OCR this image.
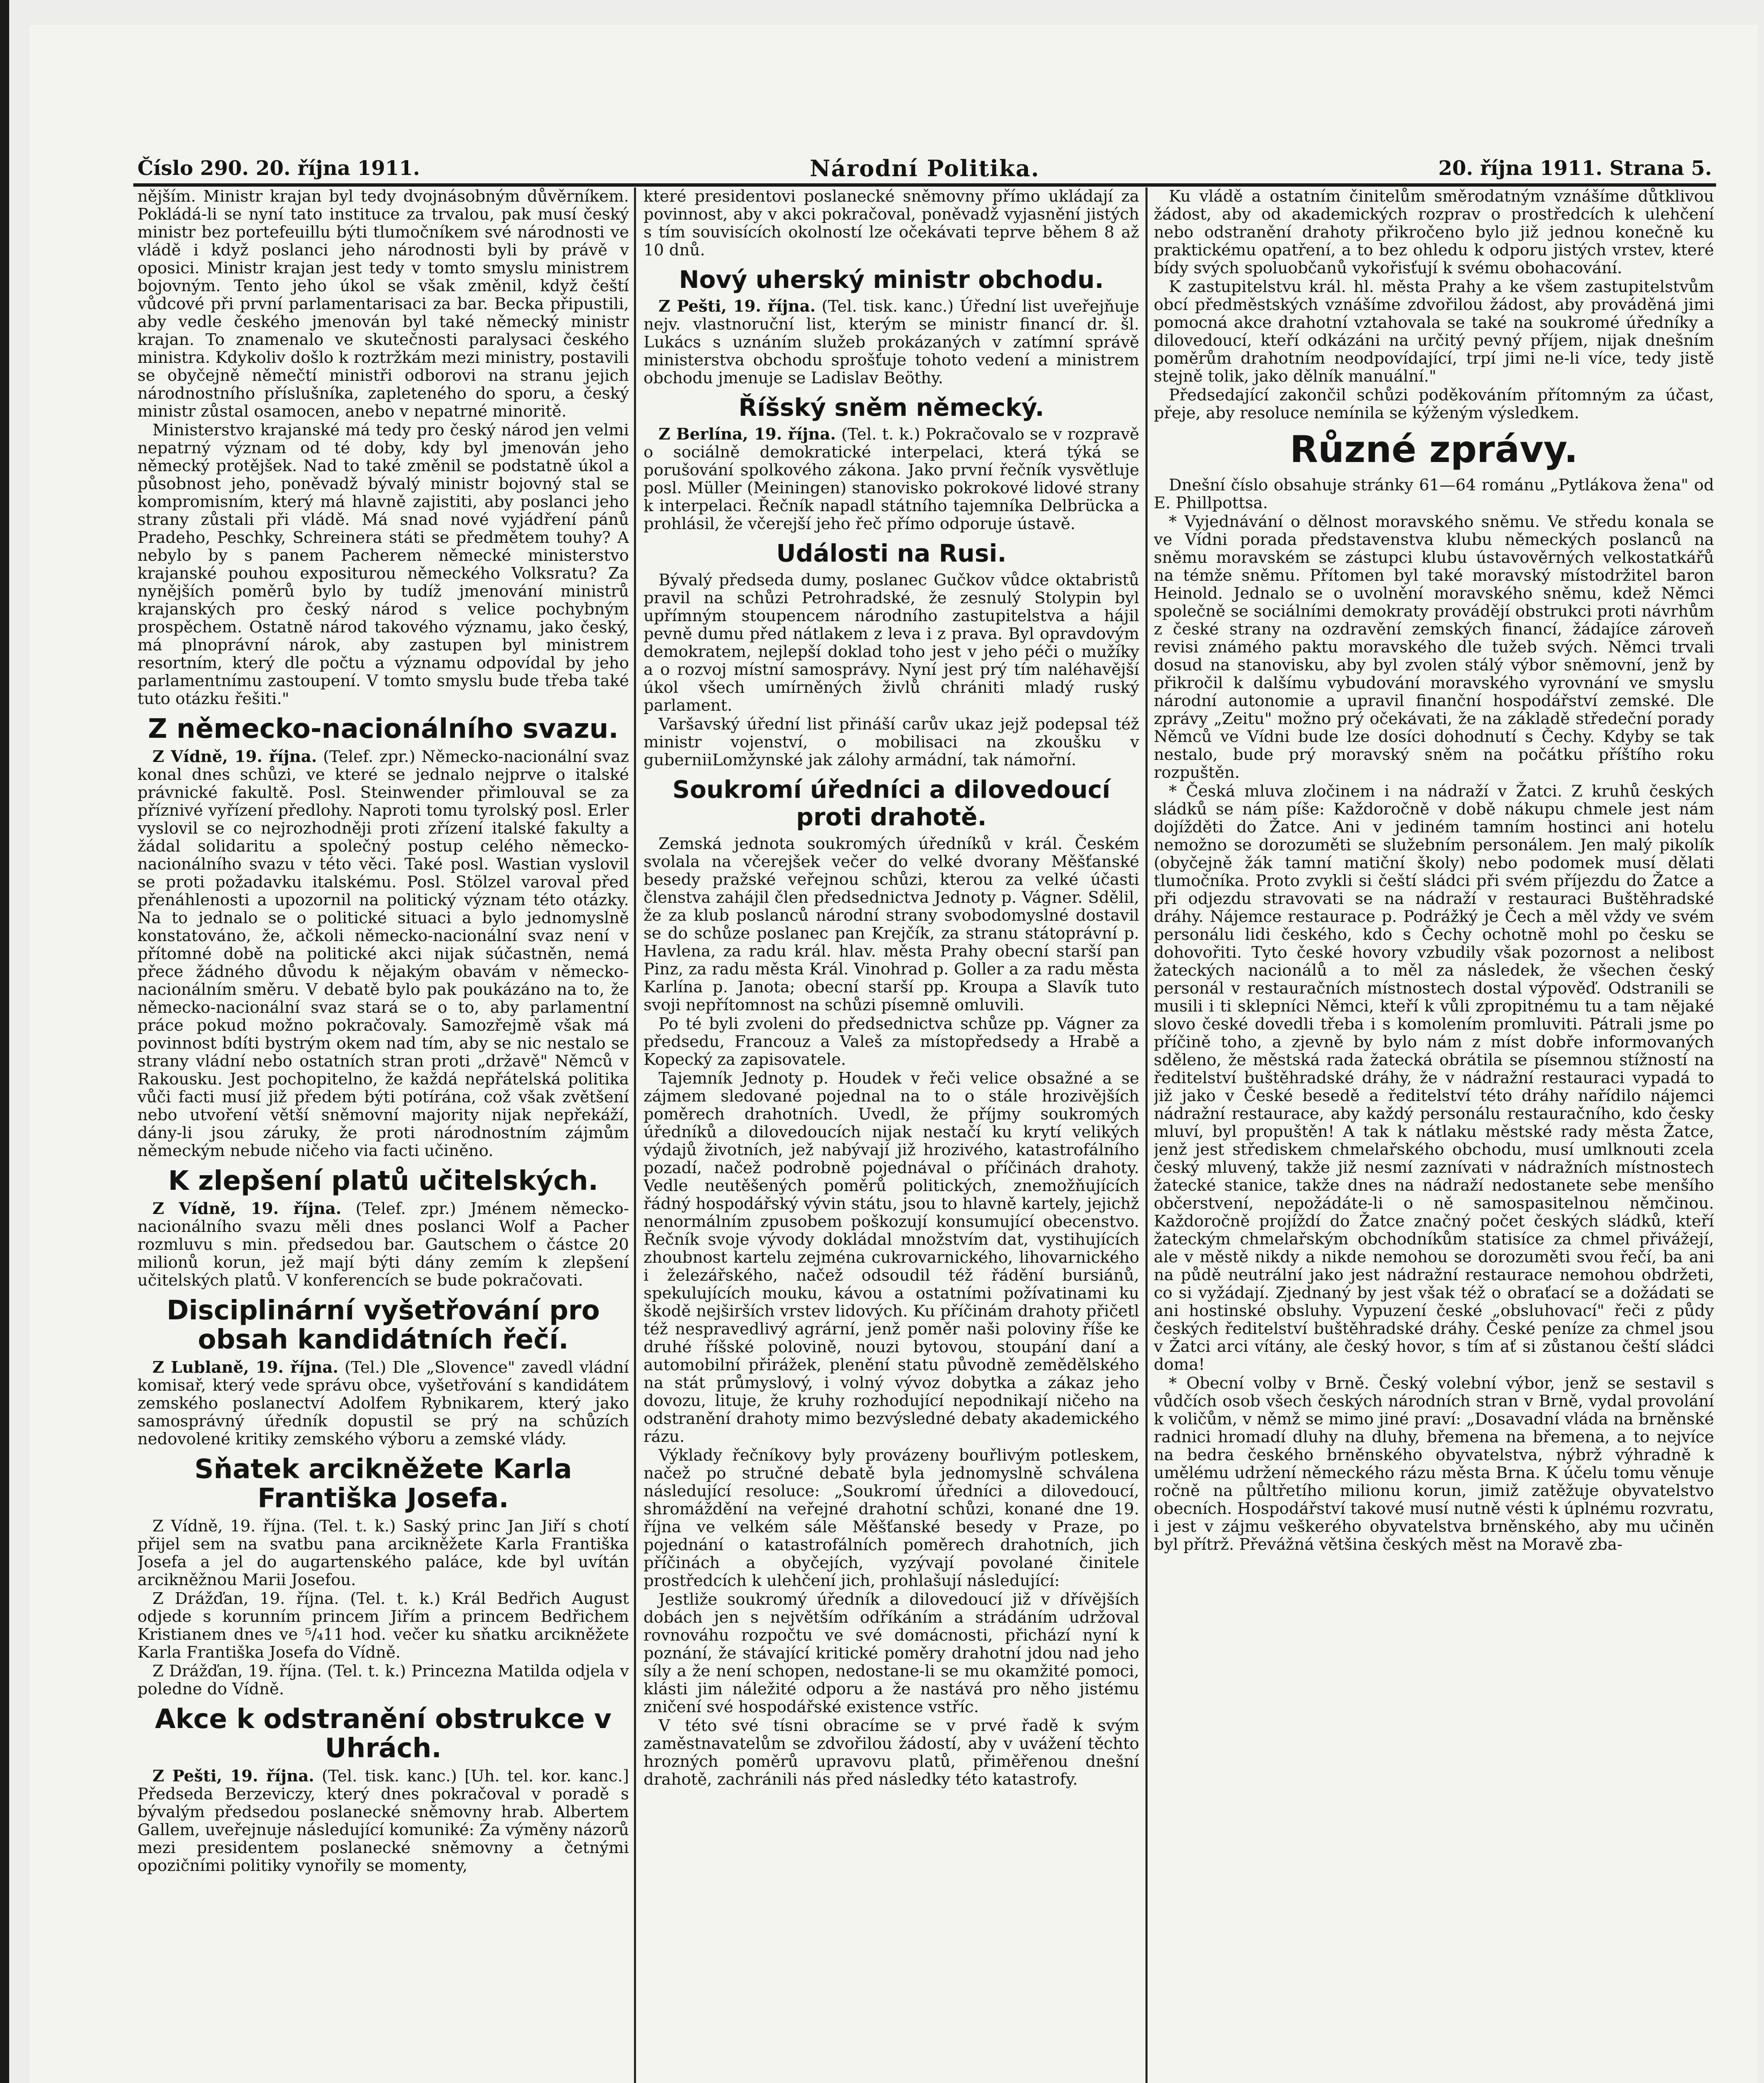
Číslo 290. 20. října 1911.	Národní Politika.	20. října 1911. Strana 5.

nějším. Ministr krajan byl tedy dvojnásobným důvěrníkem. Pokládá-li se nyní tato instituce za trvalou, pak musí český ministr bez portefeuillu býti tlumočníkem své národnosti ve vládě i když poslanci jeho národnosti byli by právě v oposici. Ministr krajan jest tedy v tomto smyslu ministrem bojovným. Tento jeho úkol se však změnil, když čeští vůdcové při první parlamentarisaci za bar. Becka připustili, aby vedle českého jmenován byl také německý ministr krajan. To znamenalo ve skutečnosti paralysaci českého ministra. Kdykoliv došlo k roztržkám mezi ministry, postavili se obyčejně němečtí ministři odborovi na stranu jejich národnostního příslušníka, zapleteného do sporu, a český ministr zůstal osamocen, anebo v nepatrné minoritě.

Ministerstvo krajanské má tedy pro český národ jen velmi nepatrný význam od té doby, kdy byl jmenován jeho německý protějšek. Nad to také změnil se podstatně úkol a působnost jeho, poněvadž bývalý ministr bojovný stal se kompromisním, který má hlavně zajistiti, aby poslanci jeho strany zůstali při vládě. Má snad nové vyjádření pánů Pradeho, Peschky, Schreinera státi se předmětem touhy? A nebylo by s panem Pacherem německé ministerstvo krajanské pouhou expositurou německého Volksratu? Za nynějších poměrů bylo by tudíž jmenování ministrů krajanských pro český národ s velice pochybným prospěchem. Ostatně národ takového významu, jako český, má plnoprávní nárok, aby zastupen byl ministrem resortním, který dle počtu a významu odpovídal by jeho parlamentnímu zastoupení. V tomto smyslu bude třeba také tuto otázku řešiti."

Z německo-nacionálního svazu.

Z Vídně, 19. října. (Telef. zpr.) Německo-nacionální svaz konal dnes schůzi, ve které se jednalo nejprve o italské právnické fakultě. Posl. Steinwender přimlouval se za příznivé vyřízení předlohy. Naproti tomu tyrolský posl. Erler vyslovil se co nejrozhodněji proti zřízení italské fakulty a žádal solidaritu a společný postup celého německo-nacionálního svazu v této věci. Také posl. Wastian vyslovil se proti požadavku italskému. Posl. Stölzel varoval před přenáhlenosti a upozornil na politický význam této otázky. Na to jednalo se o politické situaci a bylo jednomyslně konstatováno, že, ačkoli německo-nacionální svaz není v přítomné době na politické akci nijak súčastněn, nemá přece žádného důvodu k nějakým obavám v německo-nacionálním směru. V debatě bylo pak poukázáno na to, že německo-nacionální svaz stará se o to, aby parlamentní práce pokud možno pokračovaly. Samozřejmě však má povinnost bdíti bystrým okem nad tím, aby se nic nestalo se strany vládní nebo ostatních stran proti „državě" Němců v Rakousku. Jest pochopitelno, že každá nepřátelská politika vůči facti musí již předem býti potírána, což však zvětšení nebo utvoření větší sněmovní majority nijak nepřekáží, dány-li jsou záruky, že proti národnostním zájmům německým nebude ničeho via facti učiněno.

K zlepšení platů učitelských.

Z Vídně, 19. října. (Telef. zpr.) Jménem německo-nacionálního svazu měli dnes poslanci Wolf a Pacher rozmluvu s min. předsedou bar. Gautschem o částce 20 milionů korun, jež mají býti dány zemím k zlepšení učitelských platů. V konferencích se bude pokračovati.

Disciplinární vyšetřování pro obsah kandidátních řečí.

Z Lublaně, 19. října. (Tel.) Dle „Slovence" zavedl vládní komisař, který vede správu obce, vyšetřování s kandidátem zemského poslanectví Adolfem Rybnikarem, který jako samosprávný úředník dopustil se prý na schůzích nedovolené kritiky zemského výboru a zemské vlády.

Sňatek arcikněžete Karla Františka Josefa.

Z Vídně, 19. října. (Tel. t. k.) Saský princ Jan Jiří s chotí přijel sem na svatbu pana arcikněžete Karla Františka Josefa a jel do augartenského paláce, kde byl uvítán arcikněžnou Marii Josefou.

Z Drážďan, 19. října. (Tel. t. k.) Král Bedřich August odjede s korunním princem Jiřím a princem Bedřichem Kristianem dnes ve ⁵/₄11 hod. večer ku sňatku arcikněžete Karla Františka Josefa do Vídně.

Z Drážďan, 19. října. (Tel. t. k.) Princezna Matilda odjela v poledne do Vídně.

Akce k odstranění obstrukce v Uhrách.

Z Pešti, 19. října. (Tel. tisk. kanc.) [Uh. tel. kor. kanc.] Předseda Berzeviczy, který dnes pokračoval v poradě s bývalým předsedou poslanecké sněmovny hrab. Albertem Gallem, uveřejnuje následující komuniké: Za výměny názorů mezi presidentem poslanecké sněmovny a četnými opozičními politiky vynořily se momenty,

které presidentovi poslanecké sněmovny přímo ukládají za povinnost, aby v akci pokračoval, poněvadž vyjasnění jistých s tím souvisících okolností lze očekávati teprve během 8 až 10 dnů.

Nový uherský ministr obchodu.

Z Pešti, 19. října. (Tel. tisk. kanc.) Úřední list uveřejňuje nejv. vlastnoruční list, kterým se ministr financí dr. šl. Lukács s uznáním služeb prokázaných v zatímní správě ministerstva obchodu sprošťuje tohoto vedení a ministrem obchodu jmenuje se Ladislav Beöthy.

Říšský sněm německý.

Z Berlína, 19. října. (Tel. t. k.) Pokračovalo se v rozpravě o sociálně demokratické interpelaci, která týká se porušování spolkového zákona. Jako první řečník vysvětluje posl. Müller (Meiningen) stanovisko pokrokové lidové strany k interpelaci. Řečník napadl státního tajemníka Delbrücka a prohlásil, že včerejší jeho řeč přímo odporuje ústavě.

Události na Rusi.

Bývalý předseda dumy, poslanec Gučkov vůdce oktabristů pravil na schůzi Petrohradské, že zesnulý Stolypin byl upřímným stoupencem národního zastupitelstva a hájil pevně dumu před nátlakem z leva i z prava. Byl opravdovým demokratem, nejlepší doklad toho jest v jeho péči o mužíky a o rozvoj místní samosprávy. Nyní jest prý tím naléhavější úkol všech umírněných živlů chrániti mladý ruský parlament.

Varšavský úřední list přináší carův ukaz jejž podepsal též ministr vojenství, o mobilisaci na zkoušku v guberniiLomžynské jak zálohy armádní, tak námořní.

Soukromí úředníci a dilovedoucí proti drahotě.

Zemská jednota soukromých úředníků v král. Českém svolala na včerejšek večer do velké dvorany Měšťanské besedy pražské veřejnou schůzi, kterou za velké účasti členstva zahájil člen předsednictva Jednoty p. Vágner. Sdělil, že za klub poslanců národní strany svobodomyslné dostavil se do schůze poslanec pan Krejčík, za stranu státoprávní p. Havlena, za radu král. hlav. města Prahy obecní starší pan Pinz, za radu města Král. Vinohrad p. Goller a za radu města Karlína p. Janota; obecní starší pp. Kroupa a Slavík tuto svoji nepřítomnost na schůzi písemně omluvili.

Po té byli zvoleni do předsednictva schůze pp. Vágner za předsedu, Francouz a Valeš za místopředsedy a Hrabě a Kopecký za zapisovatele.

Tajemník Jednoty p. Houdek v řeči velice obsažné a se zájmem sledované pojednal na to o stále hrozivějších poměrech drahotních. Uvedl, že příjmy soukromých úředníků a dilovedoucích nijak nestačí ku krytí velikých výdajů životních, jež nabývají již hrozivého, katastrofálního pozadí, načež podrobně pojednával o příčinách drahoty. Vedle neutěšených poměrů politických, znemožňujících řádný hospodářský vývin státu, jsou to hlavně kartely, jejichž nenormálním zpusobem poškozují konsumující obecenstvo. Řečník svoje vývody dokládal množstvím dat, vystihujících zhoubnost kartelu zejména cukrovarnického, lihovarnického i železářského, načež odsoudil též řádění bursiánů, spekulujících mouku, kávou a ostatními požívatinami ku škodě nejširších vrstev lidových. Ku příčinám drahoty přičetl též nespravedlivý agrární, jenž poměr naši poloviny říše ke druhé říšské polovině, nouzi bytovou, stoupání daní a automobilní přirážek, plenění statu původně zemědělského na stát průmyslový, i volný vývoz dobytka a zákaz jeho dovozu, lituje, že kruhy rozhodující nepodnikají ničeho na odstranění drahoty mimo bezvýsledné debaty akademického rázu.

Výklady řečníkovy byly provázeny bouřlivým potleskem, načež po stručné debatě byla jednomyslně schválena následující resoluce: „Soukromí úředníci a dilovedoucí, shromáždění na veřejné drahotní schůzi, konané dne 19. října ve velkém sále Měšťanské besedy v Praze, po pojednání o katastrofálních poměrech drahotních, jich příčinách a obyčejích, vyzývají povolané činitele prostředcích k ulehčení jich, prohlašují následující:

Jestliže soukromý úředník a dilovedoucí již v dřívějších dobách jen s největším odříkáním a strádáním udržoval rovnováhu rozpočtu ve své domácnosti, přichází nyní k poznání, že stávající kritické poměry drahotní jdou nad jeho síly a že není schopen, nedostane-li se mu okamžité pomoci, klásti jim náležité odporu a že nastává pro něho jistému zničení své hospodářské existence vstříc.

V této své tísni obracíme se v prvé řadě k svým zaměstnavatelům se zdvořilou žádostí, aby v uvážení těchto hrozných poměrů upravovu platů, přiměřenou dnešní drahotě, zachránili nás před následky této katastrofy.

Ku vládě a ostatním činitelům směrodatným vznášíme důtklivou žádost, aby od akademických rozprav o prostředcích k ulehčení nebo odstranění drahoty přikročeno bylo již jednou konečně ku praktickému opatření, a to bez ohledu k odporu jistých vrstev, které bídy svých spoluobčanů vykořisťují k svému obohacování.

K zastupitelstvu král. hl. města Prahy a ke všem zastupitelstvům obcí předměstských vznášíme zdvořilou žádost, aby prováděná jimi pomocná akce drahotní vztahovala se také na soukromé úředníky a dilovedoucí, kteří odkázáni na určitý pevný příjem, nijak dnešním poměrům drahotním neodpovídající, trpí jimi ne-li více, tedy jistě stejně tolik, jako dělník manuální."

Předsedající zakončil schůzi poděkováním přítomným za účast, přeje, aby resoluce nemínila se kýženým výsledkem.

Různé zprávy.

Dnešní číslo obsahuje stránky 61—64 románu „Pytlákova žena" od E. Phillpottsa.

* Vyjednávání o dělnost moravského sněmu. Ve středu konala se ve Vídni porada představenstva klubu německých poslanců na sněmu moravském se zástupci klubu ústavověrných velkostatkářů na témže sněmu. Přítomen byl také moravský místodržitel baron Heinold. Jednalo se o uvolnění moravského sněmu, kdež Němci společně se sociálními demokraty provádějí obstrukci proti návrhům z české strany na ozdravění zemských financí, žádajíce zároveň revisi známého paktu moravského dle tužeb svých. Němci trvali dosud na stanovisku, aby byl zvolen stálý výbor sněmovní, jenž by přikročil k dalšímu vybudování moravského vyrovnání ve smyslu národní autonomie a upravil finanční hospodářství zemské. Dle zprávy „Zeitu" možno prý očekávati, že na základě středeční porady Němců ve Vídni bude lze dosíci dohodnutí s Čechy. Kdyby se tak nestalo, bude prý moravský sněm na počátku příštího roku rozpuštěn.

* Česká mluva zločinem i na nádraží v Žatci. Z kruhů českých sládků se nám píše: Každoročně v době nákupu chmele jest nám dojížděti do Žatce. Ani v jediném tamním hostinci ani hotelu nemožno se dorozuměti se služebním personálem. Jen malý pikolík (obyčejně žák tamní matiční školy) nebo podomek musí dělati tlumočníka. Proto zvykli si čeští sládci při svém příjezdu do Žatce a při odjezdu stravovati se na nádraží v restauraci Buštěhradské dráhy. Nájemce restaurace p. Podrážký je Čech a měl vždy ve svém personálu lidi českého, kdo s Čechy ochotně mohl po česku se dohovořiti. Tyto české hovory vzbudily však pozornost a nelibost žateckých nacionálů a to měl za následek, že všechen český personál v restauračních místnostech dostal výpověď. Odstranili se musili i ti sklepníci Němci, kteří k vůli zpropitnému tu a tam nějaké slovo české dovedli třeba i s komolením promluviti. Pátrali jsme po příčině toho, a zjevně by bylo nám z míst dobře informovaných sděleno, že městská rada žatecká obrátila se písemnou stížností na ředitelství buštěhradské dráhy, že v nádražní restauraci vypadá to již jako v České besedě a ředitelství této dráhy nařídilo nájemci nádražní restaurace, aby každý personálu restauračního, kdo česky mluví, byl propuštěn! A tak k nátlaku městské rady města Žatce, jenž jest střediskem chmelařského obchodu, musí umlknouti zcela český mluvený, takže již nesmí zaznívati v nádražních místnostech žatecké stanice, takže dnes na nádraží nedostanete sebe menšího občerstvení, nepožádáte-li o ně samospasitelnou němčinou. Každoročně projíždí do Žatce značný počet českých sládků, kteří žateckým chmelařským obchodníkům statisíce za chmel přivážejí, ale v městě nikdy a nikde nemohou se dorozuměti svou řečí, ba ani na půdě neutrální jako jest nádražní restaurace nemohou obdržeti, co si vyžádají. Zjednaný by jest však též o obraťací se a dožádati se ani hostinské obsluhy. Vypuzení české „obsluhovací" řeči z půdy českých ředitelství buštěhradské dráhy. České peníze za chmel jsou v Žatci arci vítány, ale český hovor, s tím ať si zůstanou čeští sládci doma!

* Obecní volby v Brně. Český volební výbor, jenž se sestavil s vůdčích osob všech českých národních stran v Brně, vydal provolání k voličům, v němž se mimo jiné praví: „Dosavadní vláda na brněnské radnici hromadí dluhy na dluhy, břemena na břemena, a to nejvíce na bedra českého brněnského obyvatelstva, nýbrž výhradně k umělému udržení německého rázu města Brna. K účelu tomu věnuje ročně na půltřetího milionu korun, jimiž zatěžuje obyvatelstvo obecních. Hospodářství takové musí nutně vésti k úplnému rozvratu, i jest v zájmu veškerého obyvatelstva brněnského, aby mu učiněn byl přítrž. Převážná většina českých měst na Moravě zba-
